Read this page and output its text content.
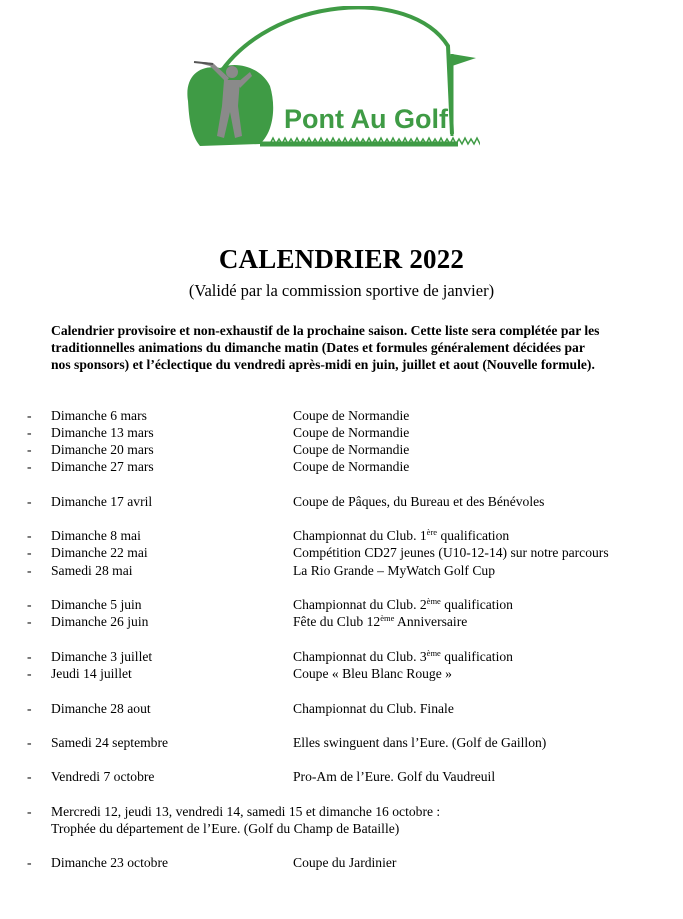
Pont Au Golf
CALENDRIER 2022
(Validé par la commission sportive de janvier)
Calendrier provisoire et non-exhaustif de la prochaine saison. Cette liste sera complétée par les
traditionnelles animations du dimanche matin (Dates et formules généralement décidées par
nos sponsors) et l’éclectique du vendredi après-midi en juin, juillet et aout (Nouvelle formule).
- Dimanche 6 mars	Coupe de Normandie
- Dimanche 13 mars	Coupe de Normandie
- Dimanche 20 mars	Coupe de Normandie
- Dimanche 27 mars	Coupe de Normandie
- Dimanche 17 avril	Coupe de Pâques, du Bureau et des Bénévoles
- Dimanche 8 mai	Championnat du Club. 1ère qualification
- Dimanche 22 mai	Compétition CD27 jeunes (U10-12-14) sur notre parcours
- Samedi 28 mai	La Rio Grande – MyWatch Golf Cup
- Dimanche 5 juin	Championnat du Club. 2ème qualification
- Dimanche 26 juin	Fête du Club 12ème Anniversaire
- Dimanche 3 juillet	Championnat du Club. 3ème qualification
- Jeudi 14 juillet	Coupe « Bleu Blanc Rouge »
- Dimanche 28 aout	Championnat du Club. Finale
- Samedi 24 septembre	Elles swinguent dans l’Eure. (Golf de Gaillon)
- Vendredi 7 octobre	Pro-Am de l’Eure. Golf du Vaudreuil
- Mercredi 12, jeudi 13, vendredi 14, samedi 15 et dimanche 16 octobre :
Trophée du département de l’Eure. (Golf du Champ de Bataille)
- Dimanche 23 octobre	Coupe du Jardinier
